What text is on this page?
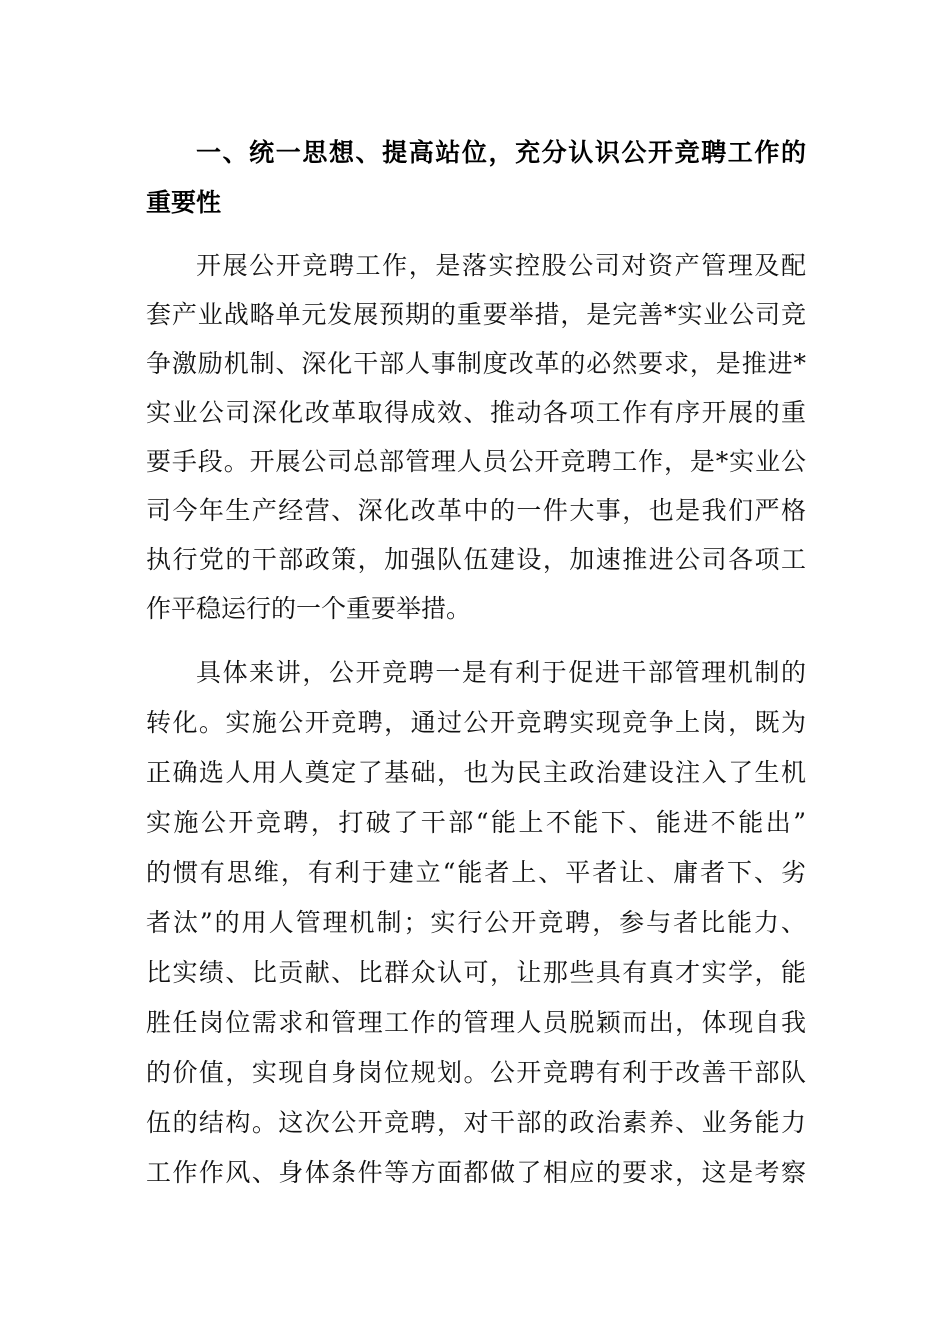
一、统一思想、提高站位，充分认识公开竞聘工作的
重要性
开展公开竞聘工作，是落实控股公司对资产管理及配
套产业战略单元发展预期的重要举措，是完善*实业公司竞
争激励机制、深化干部人事制度改革的必然要求，是推进*
实业公司深化改革取得成效、推动各项工作有序开展的重
要手段。开展公司总部管理人员公开竞聘工作，是*实业公
司今年生产经营、深化改革中的一件大事，也是我们严格
执行党的干部政策，加强队伍建设，加速推进公司各项工
作平稳运行的一个重要举措。
具体来讲，公开竞聘一是有利于促进干部管理机制的
转化。实施公开竞聘，通过公开竞聘实现竞争上岗，既为
正确选人用人奠定了基础，也为民主政治建设注入了生机
实施公开竞聘，打破了干部“能上不能下、能进不能出”
的惯有思维，有利于建立“能者上、平者让、庸者下、劣
者汰”的用人管理机制；实行公开竞聘，参与者比能力、
比实绩、比贡献、比群众认可，让那些具有真才实学，能
胜任岗位需求和管理工作的管理人员脱颖而出，体现自我
的价值，实现自身岗位规划。公开竞聘有利于改善干部队
伍的结构。这次公开竞聘，对干部的政治素养、业务能力
工作作风、身体条件等方面都做了相应的要求，这是考察
